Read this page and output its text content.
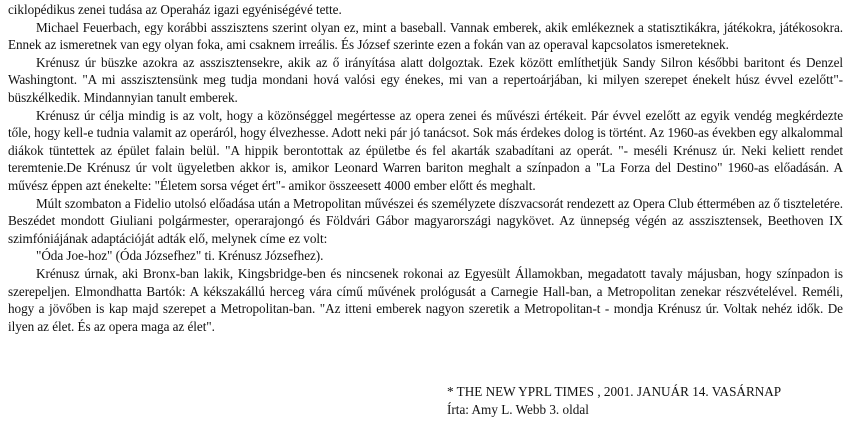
ciklopédikus zenei tudása az Operaház igazi egyéniségévé tette.

Michael Feuerbach, egy korábbi asszisztens szerint olyan ez, mint a baseball. Vannak emberek, akik emlékeznek a statisztikákra, játékokra, játékosokra. Ennek az ismeretnek van egy olyan foka, ami csaknem irreális. És József szerinte ezen a fokán van az operaval kapcsolatos ismereteknek.

Krénusz úr büszke azokra az asszisztensekre, akik az ő irányítása alatt dolgoztak. Ezek között említhetjük Sandy Silron későbbi baritont és Denzel Washingtont. "A mi asszisztensünk meg tudja mondani hová valósi egy énekes, mi van a repertoárjában, ki milyen szerepet énekelt húsz évvel ezelőtt"- büszkélkedik. Mindannyian tanult emberek.

Krénusz úr célja mindig is az volt, hogy a közönséggel megértesse az opera zenei és művészi értékeit. Pár évvel ezelőtt az egyik vendég megkérdezte tőle, hogy kell-e tudnia valamit az operáról, hogy élvezhesse. Adott neki pár jó tanácsot. Sok más érdekes dolog is történt. Az 1960-as években egy alkalommal diákok tüntettek az épület falain belül. "A hippik berontottak az épületbe és fel akarták szabadítani az operát. "- meséli Krénusz úr. Neki keliett rendet teremtenie.De Krénusz úr volt ügyeletben akkor is, amikor Leonard Warren bariton meghalt a színpadon a "La Forza del Destino" 1960-as előadásán. A művész éppen azt énekelte: "Életem sorsa véget ért"- amikor összeesett 4000 ember előtt és meghalt.

Múlt szombaton a Fidelio utolsó előadása után a Metropolitan művészei és személyzete díszvacsorát rendezett az Opera Club éttermében az ő tiszteletére. Beszédet mondott Giuliani polgármester, operarajongó és Földvári Gábor magyarországi nagykövet. Az ünnepség végén az asszisztensek, Beethoven IX szimfóniájának adaptációját adták elő, melynek címe ez volt:

"Óda Joe-hoz" (Óda Józsefhez" ti. Krénusz Józsefhez).

Krénusz úrnak, aki Bronx-ban lakik, Kingsbridge-ben és nincsenek rokonai az Egyesült Államokban, megadatott tavaly májusban, hogy színpadon is szerepeljen. Elmondhatta Bartók: A kékszakállú herceg vára című művének prológusát a Carnegie Hall-ban, a Metropolitan zenekar részvételével. Reméli, hogy a jövőben is kap majd szerepet a Metropolitan-ban. "Az itteni emberek nagyon szeretik a Metropolitan-t - mondja Krénusz úr. Voltak nehéz idők. De ilyen az élet. És az opera maga az élet".

* THE NEW YPRL TIMES , 2001. JANUÁR 14. VASÁRNAP
Írta: Amy L. Webb 3. oldal
